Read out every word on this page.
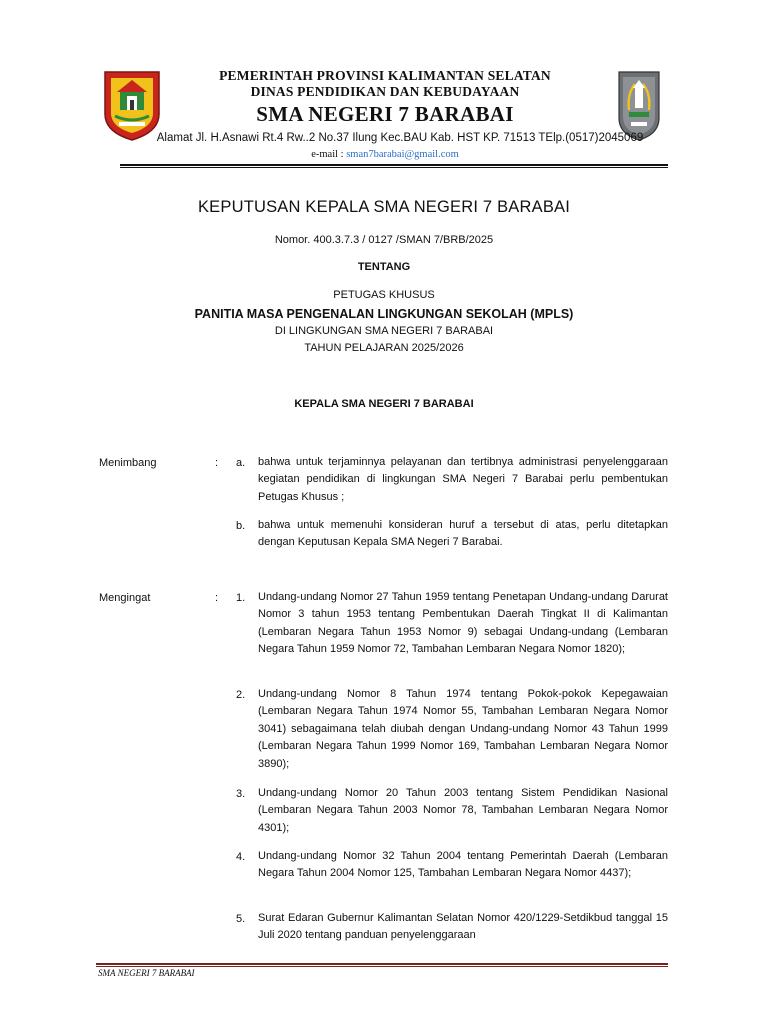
PEMERINTAH PROVINSI KALIMANTAN SELATAN
DINAS PENDIDIKAN DAN KEBUDAYAAN
SMA NEGERI 7 BARABAI
Alamat Jl. H.Asnawi Rt.4 Rw..2 No.37 Ilung Kec.BAU Kab. HST KP. 71513 TElp.(0517)2045069
e-mail : sman7barabai@gmail.com
KEPUTUSAN KEPALA SMA NEGERI 7 BARABAI
Nomor. 400.3.7.3 / 0127 /SMAN 7/BRB/2025
TENTANG
PETUGAS KHUSUS
PANITIA MASA PENGENALAN LINGKUNGAN SEKOLAH (MPLS)
DI LINGKUNGAN SMA NEGERI 7 BARABAI
TAHUN PELAJARAN 2025/2026
KEPALA SMA NEGERI 7 BARABAI
Menimbang	: a. bahwa untuk terjaminnya pelayanan dan tertibnya administrasi penyelenggaraan kegiatan pendidikan di lingkungan SMA Negeri 7 Barabai perlu pembentukan Petugas Khusus ;
b. bahwa untuk memenuhi konsideran huruf a tersebut di atas, perlu ditetapkan dengan Keputusan Kepala SMA Negeri 7 Barabai.
Mengingat	: 1. Undang-undang Nomor 27 Tahun 1959 tentang Penetapan Undang-undang Darurat Nomor 3 tahun 1953 tentang Pembentukan Daerah Tingkat II di Kalimantan (Lembaran Negara Tahun 1953 Nomor 9) sebagai Undang-undang (Lembaran Negara Tahun 1959 Nomor 72, Tambahan Lembaran Negara Nomor 1820);
2. Undang-undang Nomor 8 Tahun 1974 tentang Pokok-pokok Kepegawaian (Lembaran Negara Tahun 1974 Nomor 55, Tambahan Lembaran Negara Nomor 3041) sebagaimana telah diubah dengan Undang-undang Nomor 43 Tahun 1999 (Lembaran Negara Tahun 1999 Nomor 169, Tambahan Lembaran Negara Nomor 3890);
3. Undang-undang Nomor 20 Tahun 2003 tentang Sistem Pendidikan Nasional (Lembaran Negara Tahun 2003 Nomor 78, Tambahan Lembaran Negara Nomor 4301);
4. Undang-undang Nomor 32 Tahun 2004 tentang Pemerintah Daerah (Lembaran Negara Tahun 2004 Nomor 125, Tambahan Lembaran Negara Nomor 4437);
5. Surat Edaran Gubernur Kalimantan Selatan Nomor 420/1229-Setdikbud tanggal 15 Juli 2020 tentang panduan penyelenggaraan
SMA NEGERI 7 BARABAI
